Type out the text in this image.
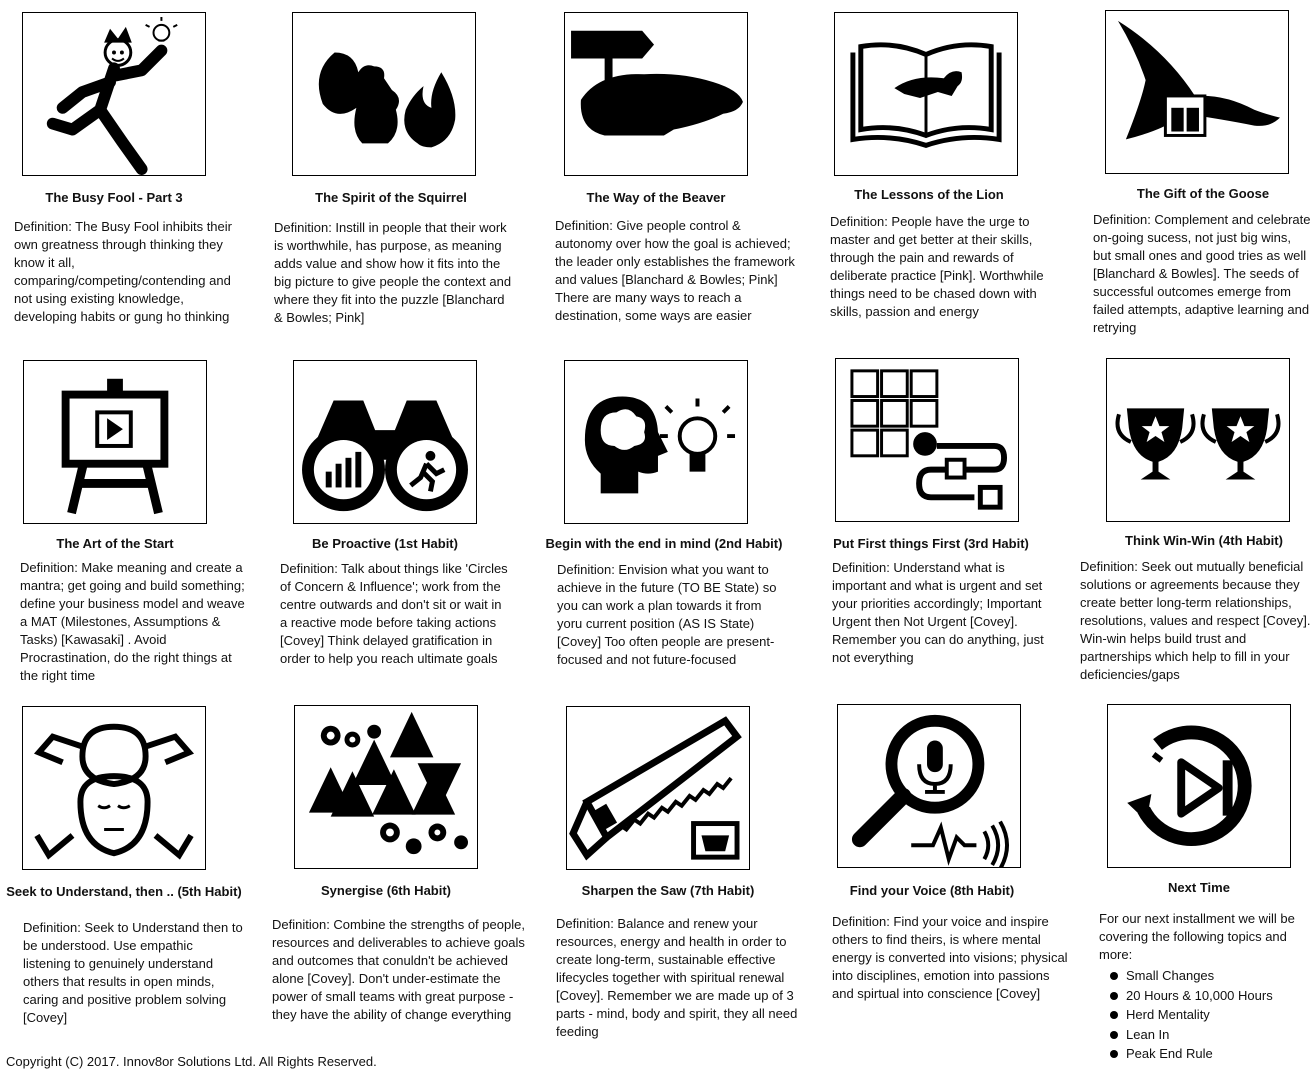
The Busy Fool - Part 3
Definition: The Busy Fool inhibits their own greatness through thinking they know it all, comparing/competing/contending and not using existing knowledge, developing habits or gung ho thinking
The Spirit of the Squirrel
Definition: Instill in people that their work is worthwhile, has purpose, as meaning adds value and show how it fits into the big picture to give people the context and where they fit into the puzzle [Blanchard & Bowles; Pink]
The Way of the Beaver
Definition: Give people control & autonomy over how the goal is achieved; the leader only establishes the framework and values [Blanchard & Bowles; Pink] There are many ways to reach a destination, some ways are easier
The Lessons of the Lion
Definition: People have the urge to master and get better at their skills, through the pain and rewards of deliberate practice [Pink]. Worthwhile things need to be chased down with skills, passion and energy
The Gift of the Goose
Definition: Complement and celebrate on-going sucess, not just big wins, but small ones and good tries as well [Blanchard & Bowles]. The seeds of successful outcomes emerge from failed attempts, adaptive learning and retrying
The Art of the Start
Definition: Make meaning and create a mantra; get going and build something; define your business model and weave a MAT (Milestones, Assumptions & Tasks) [Kawasaki] . Avoid Procrastination, do the right things at the right time
Be Proactive (1st Habit)
Definition: Talk about things like 'Circles of Concern & Influence'; work from the centre outwards and don't sit or wait in a reactive mode before taking actions [Covey] Think delayed gratification in order to help you reach ultimate goals
Begin with the end in mind (2nd Habit)
Definition: Envision what you want to achieve in the future (TO BE State) so you can work a plan towards it from yoru current position (AS IS State) [Covey] Too often people are present-focused and not future-focused
Put First things First (3rd Habit)
Definition: Understand what is important and what is urgent and set your priorities accordingly; Important Urgent then Not Urgent [Covey]. Remember you can do anything, just not everything
Think Win-Win (4th Habit)
Definition: Seek out mutually beneficial solutions or agreements because they create better long-term relationships, resolutions, values and respect [Covey]. Win-win helps build trust and partnerships which help to fill in your deficiencies/gaps
Seek to Understand, then .. (5th Habit)
Definition: Seek to Understand then to be understood. Use empathic listening to genuinely understand others that results in open minds, caring and positive problem solving [Covey]
Synergise (6th Habit)
Definition: Combine the strengths of people, resources and deliverables to achieve goals and outcomes that conuldn't be achieved alone [Covey]. Don't under-estimate the power of small teams with great purpose - they have the ability of change everything
Sharpen the Saw (7th Habit)
Definition: Balance and renew your resources, energy and health in order to create long-term, sustainable effective lifecycles together with spiritual renewal [Covey]. Remember we are made up of 3 parts - mind, body and spirit, they all need feeding
Find your Voice (8th Habit)
Definition: Find your voice and inspire others to find theirs, is where mental energy is converted into visions; physical into disciplines, emotion into passions and spirtual into conscience [Covey]
Next Time

For our next installment we will be covering the following topics and more:

Small Changes
20 Hours & 10,000 Hours
Herd Mentality
Lean In
Peak End Rule
Copyright (C) 2017. Innov8or Solutions Ltd. All Rights Reserved.
